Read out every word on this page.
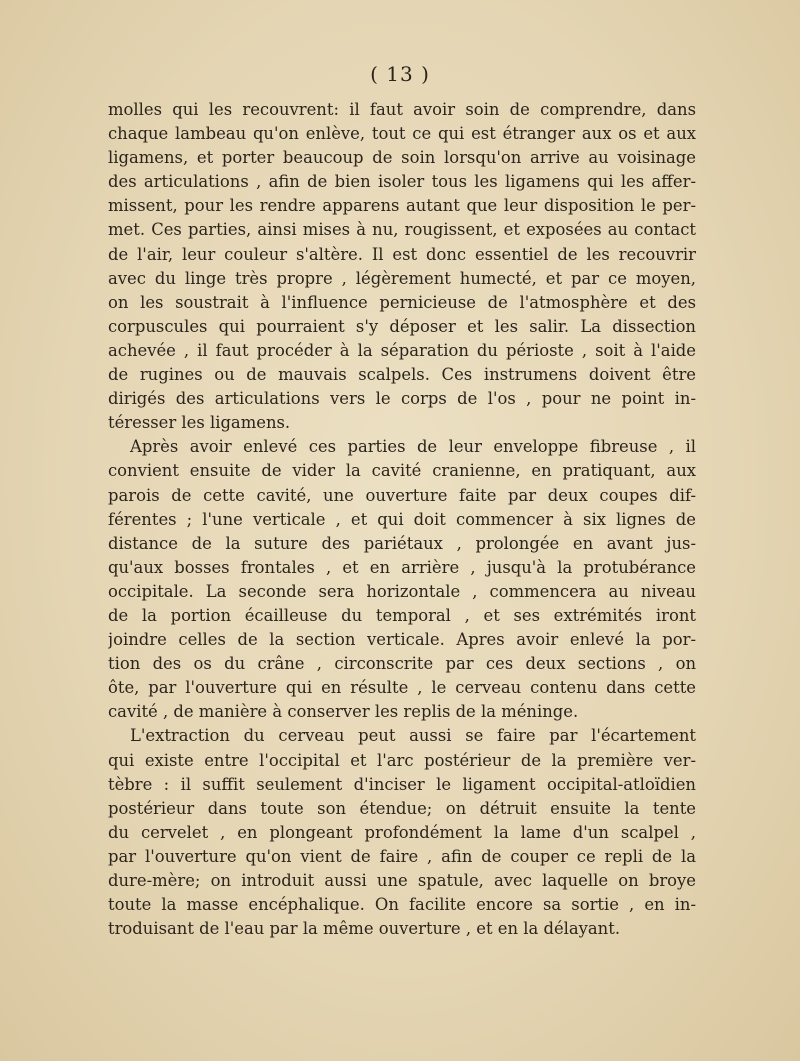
( 13 )
molles qui les recouvrent: il faut avoir soin de comprendre, dans
chaque lambeau qu'on enlève, tout ce qui est étranger aux os et aux
ligamens, et porter beaucoup de soin lorsqu'on arrive au voisinage
des articulations , afin de bien isoler tous les ligamens qui les affer-
missent, pour les rendre apparens autant que leur disposition le per-
met. Ces parties, ainsi mises à nu, rougissent, et exposées au contact
de l'air, leur couleur s'altère. Il est donc essentiel de les recouvrir
avec du linge très propre , légèrement humecté, et par ce moyen,
on les soustrait à l'influence pernicieuse de l'atmosphère et des
corpuscules qui pourraient s'y déposer et les salir. La dissection
achevée , il faut procéder à la séparation du périoste , soit à l'aide
de rugines ou de mauvais scalpels. Ces instrumens doivent être
dirigés des articulations vers le corps de l'os , pour ne point in-
téresser les ligamens.
Après avoir enlevé ces parties de leur enveloppe fibreuse , il
convient ensuite de vider la cavité cranienne, en pratiquant, aux
parois de cette cavité, une ouverture faite par deux coupes dif-
férentes ; l'une verticale , et qui doit commencer à six lignes de
distance de la suture des pariétaux , prolongée en avant jus-
qu'aux bosses frontales , et en arrière , jusqu'à la protubérance
occipitale. La seconde sera horizontale , commencera au niveau
de la portion écailleuse du temporal , et ses extrémités iront
joindre celles de la section verticale. Apres avoir enlevé la por-
tion des os du crâne , circonscrite par ces deux sections , on
ôte, par l'ouverture qui en résulte , le cerveau contenu dans cette
cavité , de manière à conserver les replis de la méninge.
L'extraction du cerveau peut aussi se faire par l'écartement
qui existe entre l'occipital et l'arc postérieur de la première ver-
tèbre : il suffit seulement d'inciser le ligament occipital-atloïdien
postérieur dans toute son étendue; on détruit ensuite la tente
du cervelet , en plongeant profondément la lame d'un scalpel ,
par l'ouverture qu'on vient de faire , afin de couper ce repli de la
dure-mère; on introduit aussi une spatule, avec laquelle on broye
toute la masse encéphalique. On facilite encore sa sortie , en in-
troduisant de l'eau par la même ouverture , et en la délayant.
